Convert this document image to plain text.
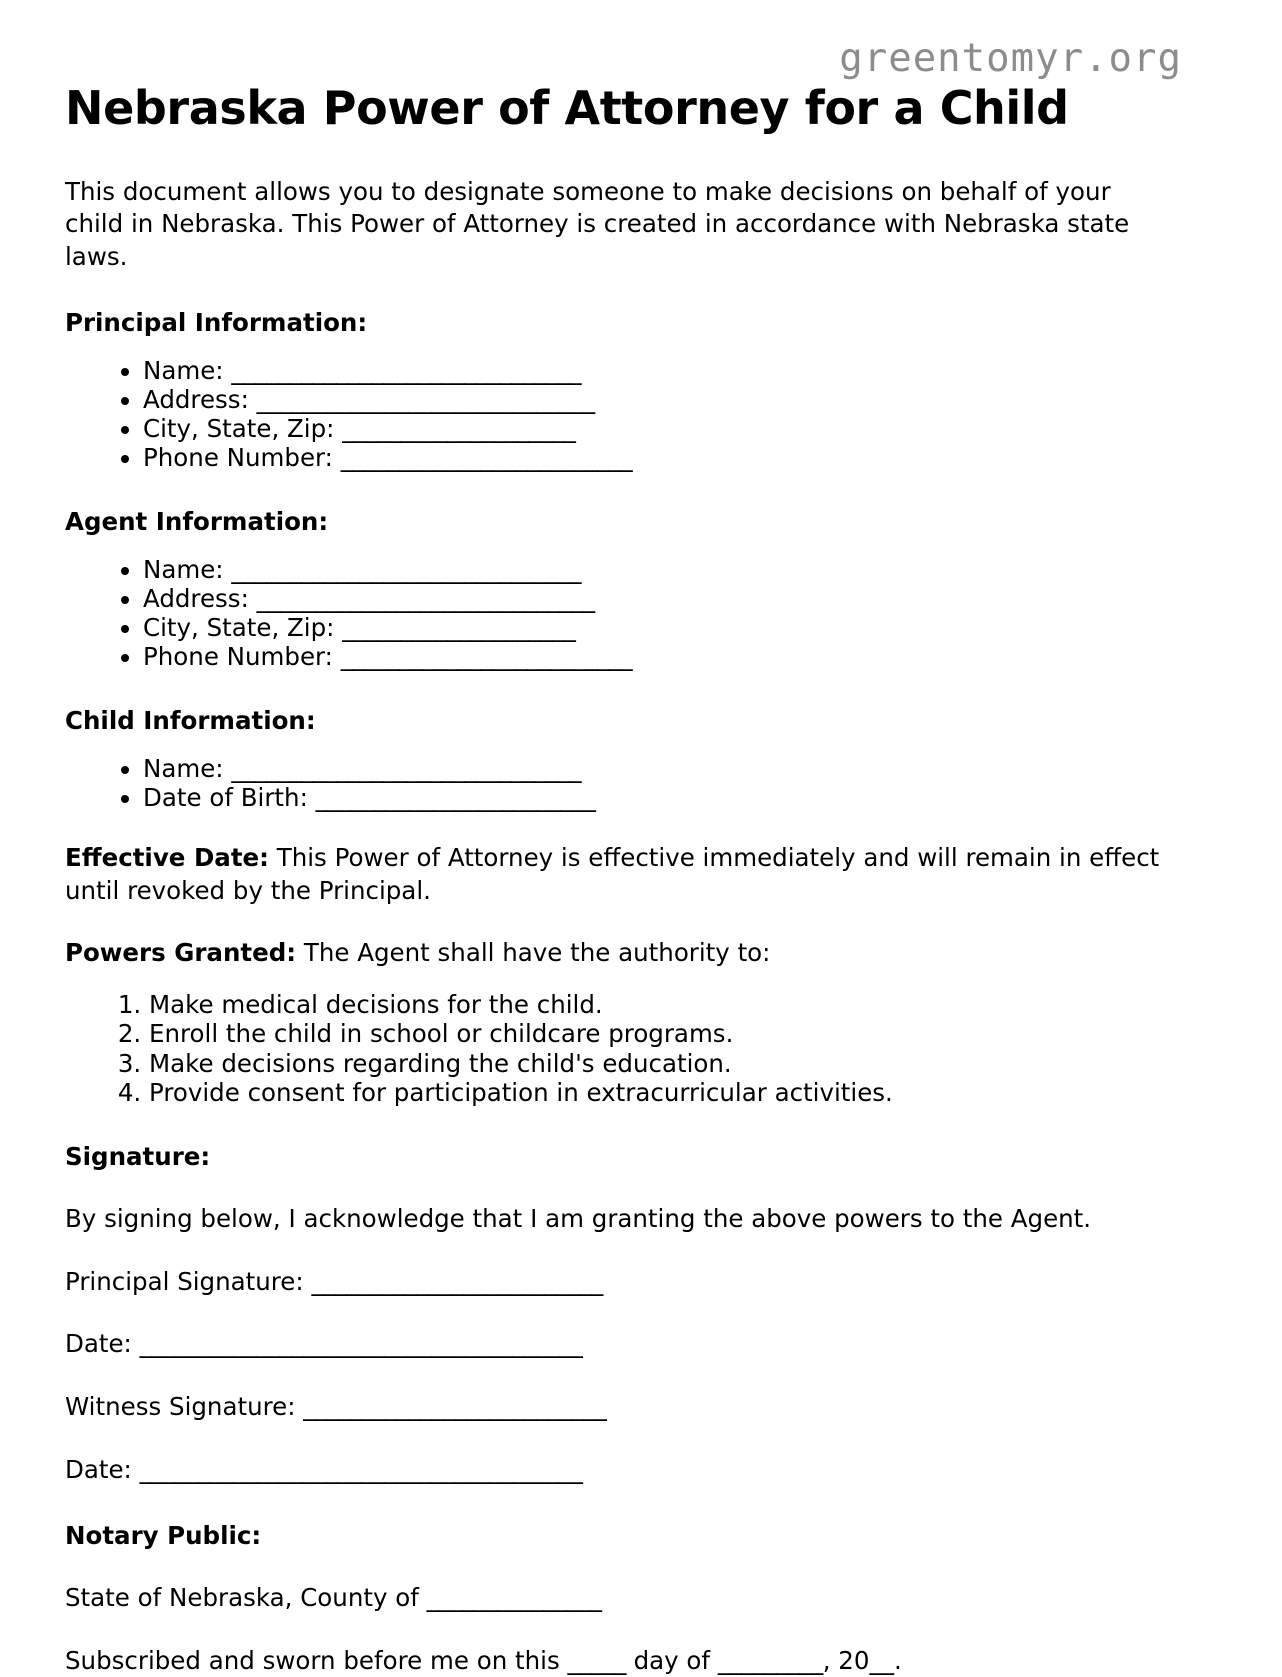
greentomyr.org
Nebraska Power of Attorney for a Child

This document allows you to designate someone to make decisions on behalf of your child in Nebraska. This Power of Attorney is created in accordance with Nebraska state laws.

Principal Information:
• Name: ______________________________
• Address: _____________________________
• City, State, Zip: ____________________
• Phone Number: _________________________
Agent Information:
• Name: ______________________________
• Address: _____________________________
• City, State, Zip: ____________________
• Phone Number: _________________________
Child Information:
• Name: ______________________________
• Date of Birth: ________________________

Effective Date: This Power of Attorney is effective immediately and will remain in effect until revoked by the Principal.

Powers Granted: The Agent shall have the authority to:

1. Make medical decisions for the child.
2. Enroll the child in school or childcare programs.
3. Make decisions regarding the child's education.
4. Provide consent for participation in extracurricular activities.
Signature:

By signing below, I acknowledge that I am granting the above powers to the Agent.

Principal Signature: _________________________

Date: ______________________________________

Witness Signature: __________________________

Date: ______________________________________

Notary Public:

State of Nebraska, County of _______________

Subscribed and sworn before me on this _____ day of _________, 20__.
